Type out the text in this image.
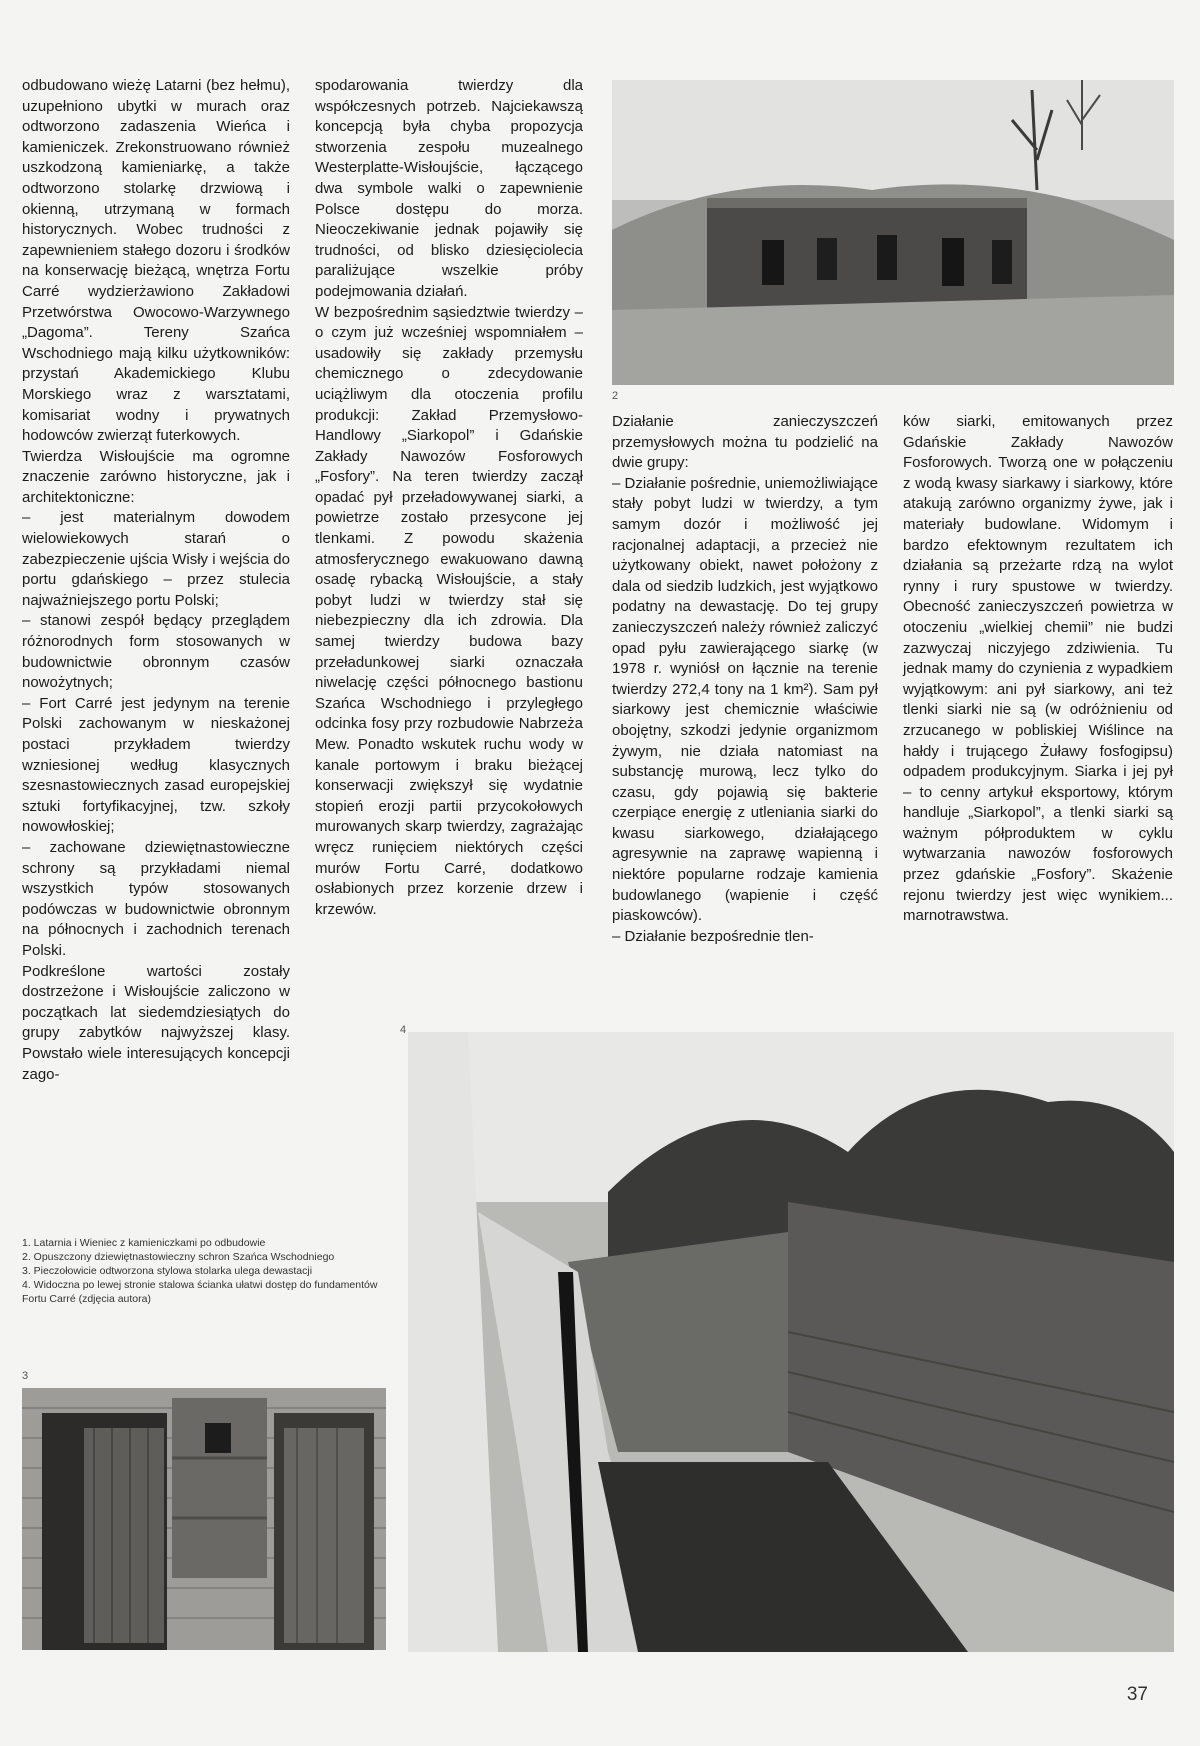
odbudowano wieżę Latarni (bez hełmu), uzupełniono ubytki w murach oraz odtworzono zadaszenia Wieńca i kamieniczek. Zrekonstruowano również uszkodzoną kamieniarkę, a także odtworzono stolarkę drzwiową i okienną, utrzymaną w formach historycznych. Wobec trudności z zapewnieniem stałego dozoru i środków na konserwację bieżącą, wnętrza Fortu Carré wydzierżawiono Zakładowi Przetwórstwa Owocowo-Warzywnego „Dagoma”. Tereny Szańca Wschodniego mają kilku użytkowników: przystań Akademickiego Klubu Morskiego wraz z warsztatami, komisariat wodny i prywatnych hodowców zwierząt futerkowych.
Twierdza Wisłoujście ma ogromne znaczenie zarówno historyczne, jak i architektoniczne:
– jest materialnym dowodem wielowiekowych starań o zabezpieczenie ujścia Wisły i wejścia do portu gdańskiego – przez stulecia najważniejszego portu Polski;
– stanowi zespół będący przeglądem różnorodnych form stosowanych w budownictwie obronnym czasów nowożytnych;
– Fort Carré jest jedynym na terenie Polski zachowanym w nieskażonej postaci przykładem twierdzy wzniesionej według klasycznych szesnastowiecznych zasad europejskiej sztuki fortyfikacyjnej, tzw. szkoły nowowłoskiej;
– zachowane dziewiętnastowieczne schrony są przykładami niemal wszystkich typów stosowanych podówczas w budownictwie obronnym na północnych i zachodnich terenach Polski.
Podkreślone wartości zostały dostrzeżone i Wisłoujście zaliczono w początkach lat siedemdziesiątych do grupy zabytków najwyższej klasy. Powstało wiele interesujących koncepcji zago-

spodarowania twierdzy dla współczesnych potrzeb. Najciekawszą koncepcją była chyba propozycja stworzenia zespołu muzealnego Westerplatte-Wisłoujście, łączącego dwa symbole walki o zapewnienie Polsce dostępu do morza. Nieoczekiwanie jednak pojawiły się trudności, od blisko dziesięciolecia paraliżujące wszelkie próby podejmowania działań.
W bezpośrednim sąsiedztwie twierdzy – o czym już wcześniej wspomniałem – usadowiły się zakłady przemysłu chemicznego o zdecydowanie uciążliwym dla otoczenia profilu produkcji: Zakład Przemysłowo-Handlowy „Siarkopol” i Gdańskie Zakłady Nawozów Fosforowych „Fosfory”. Na teren twierdzy zaczął opadać pył przeładowywanej siarki, a powietrze zostało przesycone jej tlenkami. Z powodu skażenia atmosferycznego ewakuowano dawną osadę rybacką Wisłoujście, a stały pobyt ludzi w twierdzy stał się niebezpieczny dla ich zdrowia. Dla samej twierdzy budowa bazy przeładunkowej siarki oznaczała niwelację części północnego bastionu Szańca Wschodniego i przyległego odcinka fosy przy rozbudowie Nabrzeża Mew. Ponadto wskutek ruchu wody w kanale portowym i braku bieżącej konserwacji zwiększył się wydatnie stopień erozji partii przycokołowych murowanych skarp twierdzy, zagrażając wręcz runięciem niektórych części murów Fortu Carré, dodatkowo osłabionych przez korzenie drzew i krzewów.

2

Działanie zanieczyszczeń przemysłowych można tu podzielić na dwie grupy:
– Działanie pośrednie, uniemożliwiające stały pobyt ludzi w twierdzy, a tym samym dozór i możliwość jej racjonalnej adaptacji, a przecież nie użytkowany obiekt, nawet położony z dala od siedzib ludzkich, jest wyjątkowo podatny na dewastację. Do tej grupy zanieczyszczeń należy również zaliczyć opad pyłu zawierającego siarkę (w 1978 r. wyniósł on łącznie na terenie twierdzy 272,4 tony na 1 km²). Sam pył siarkowy jest chemicznie właściwie obojętny, szkodzi jedynie organizmom żywym, nie działa natomiast na substancję murową, lecz tylko do czasu, gdy pojawią się bakterie czerpiące energię z utleniania siarki do kwasu siarkowego, działającego agresywnie na zaprawę wapienną i niektóre popularne rodzaje kamienia budowlanego (wapienie i część piaskowców).
– Działanie bezpośrednie tlen-

ków siarki, emitowanych przez Gdańskie Zakłady Nawozów Fosforowych. Tworzą one w połączeniu z wodą kwasy siarkawy i siarkowy, które atakują zarówno organizmy żywe, jak i materiały budowlane. Widomym i bardzo efektownym rezultatem ich działania są przeżarte rdzą na wylot rynny i rury spustowe w twierdzy. Obecność zanieczyszczeń powietrza w otoczeniu „wielkiej chemii” nie budzi zazwyczaj niczyjego zdziwienia. Tu jednak mamy do czynienia z wypadkiem wyjątkowym: ani pył siarkowy, ani też tlenki siarki nie są (w odróżnieniu od zrzucanego w pobliskiej Wiślince na hałdy i trującego Żuławy fosfogipsu) odpadem produkcyjnym. Siarka i jej pył – to cenny artykuł eksportowy, którym handluje „Siarkopol”, a tlenki siarki są ważnym półproduktem w cyklu wytwarzania nawozów fosforowych przez gdańskie „Fosfory”. Skażenie rejonu twierdzy jest więc wynikiem... marnotrawstwa.

4
1. Latarnia i Wieniec z kamieniczkami po odbudowie
2. Opuszczony dziewiętnastowieczny schron Szańca Wschodniego
3. Pieczołowicie odtworzona stylowa stolarka ulega dewastacji
4. Widoczna po lewej stronie stalowa ścianka ułatwi dostęp do fundamentów Fortu Carré (zdjęcia autora)
3
37
